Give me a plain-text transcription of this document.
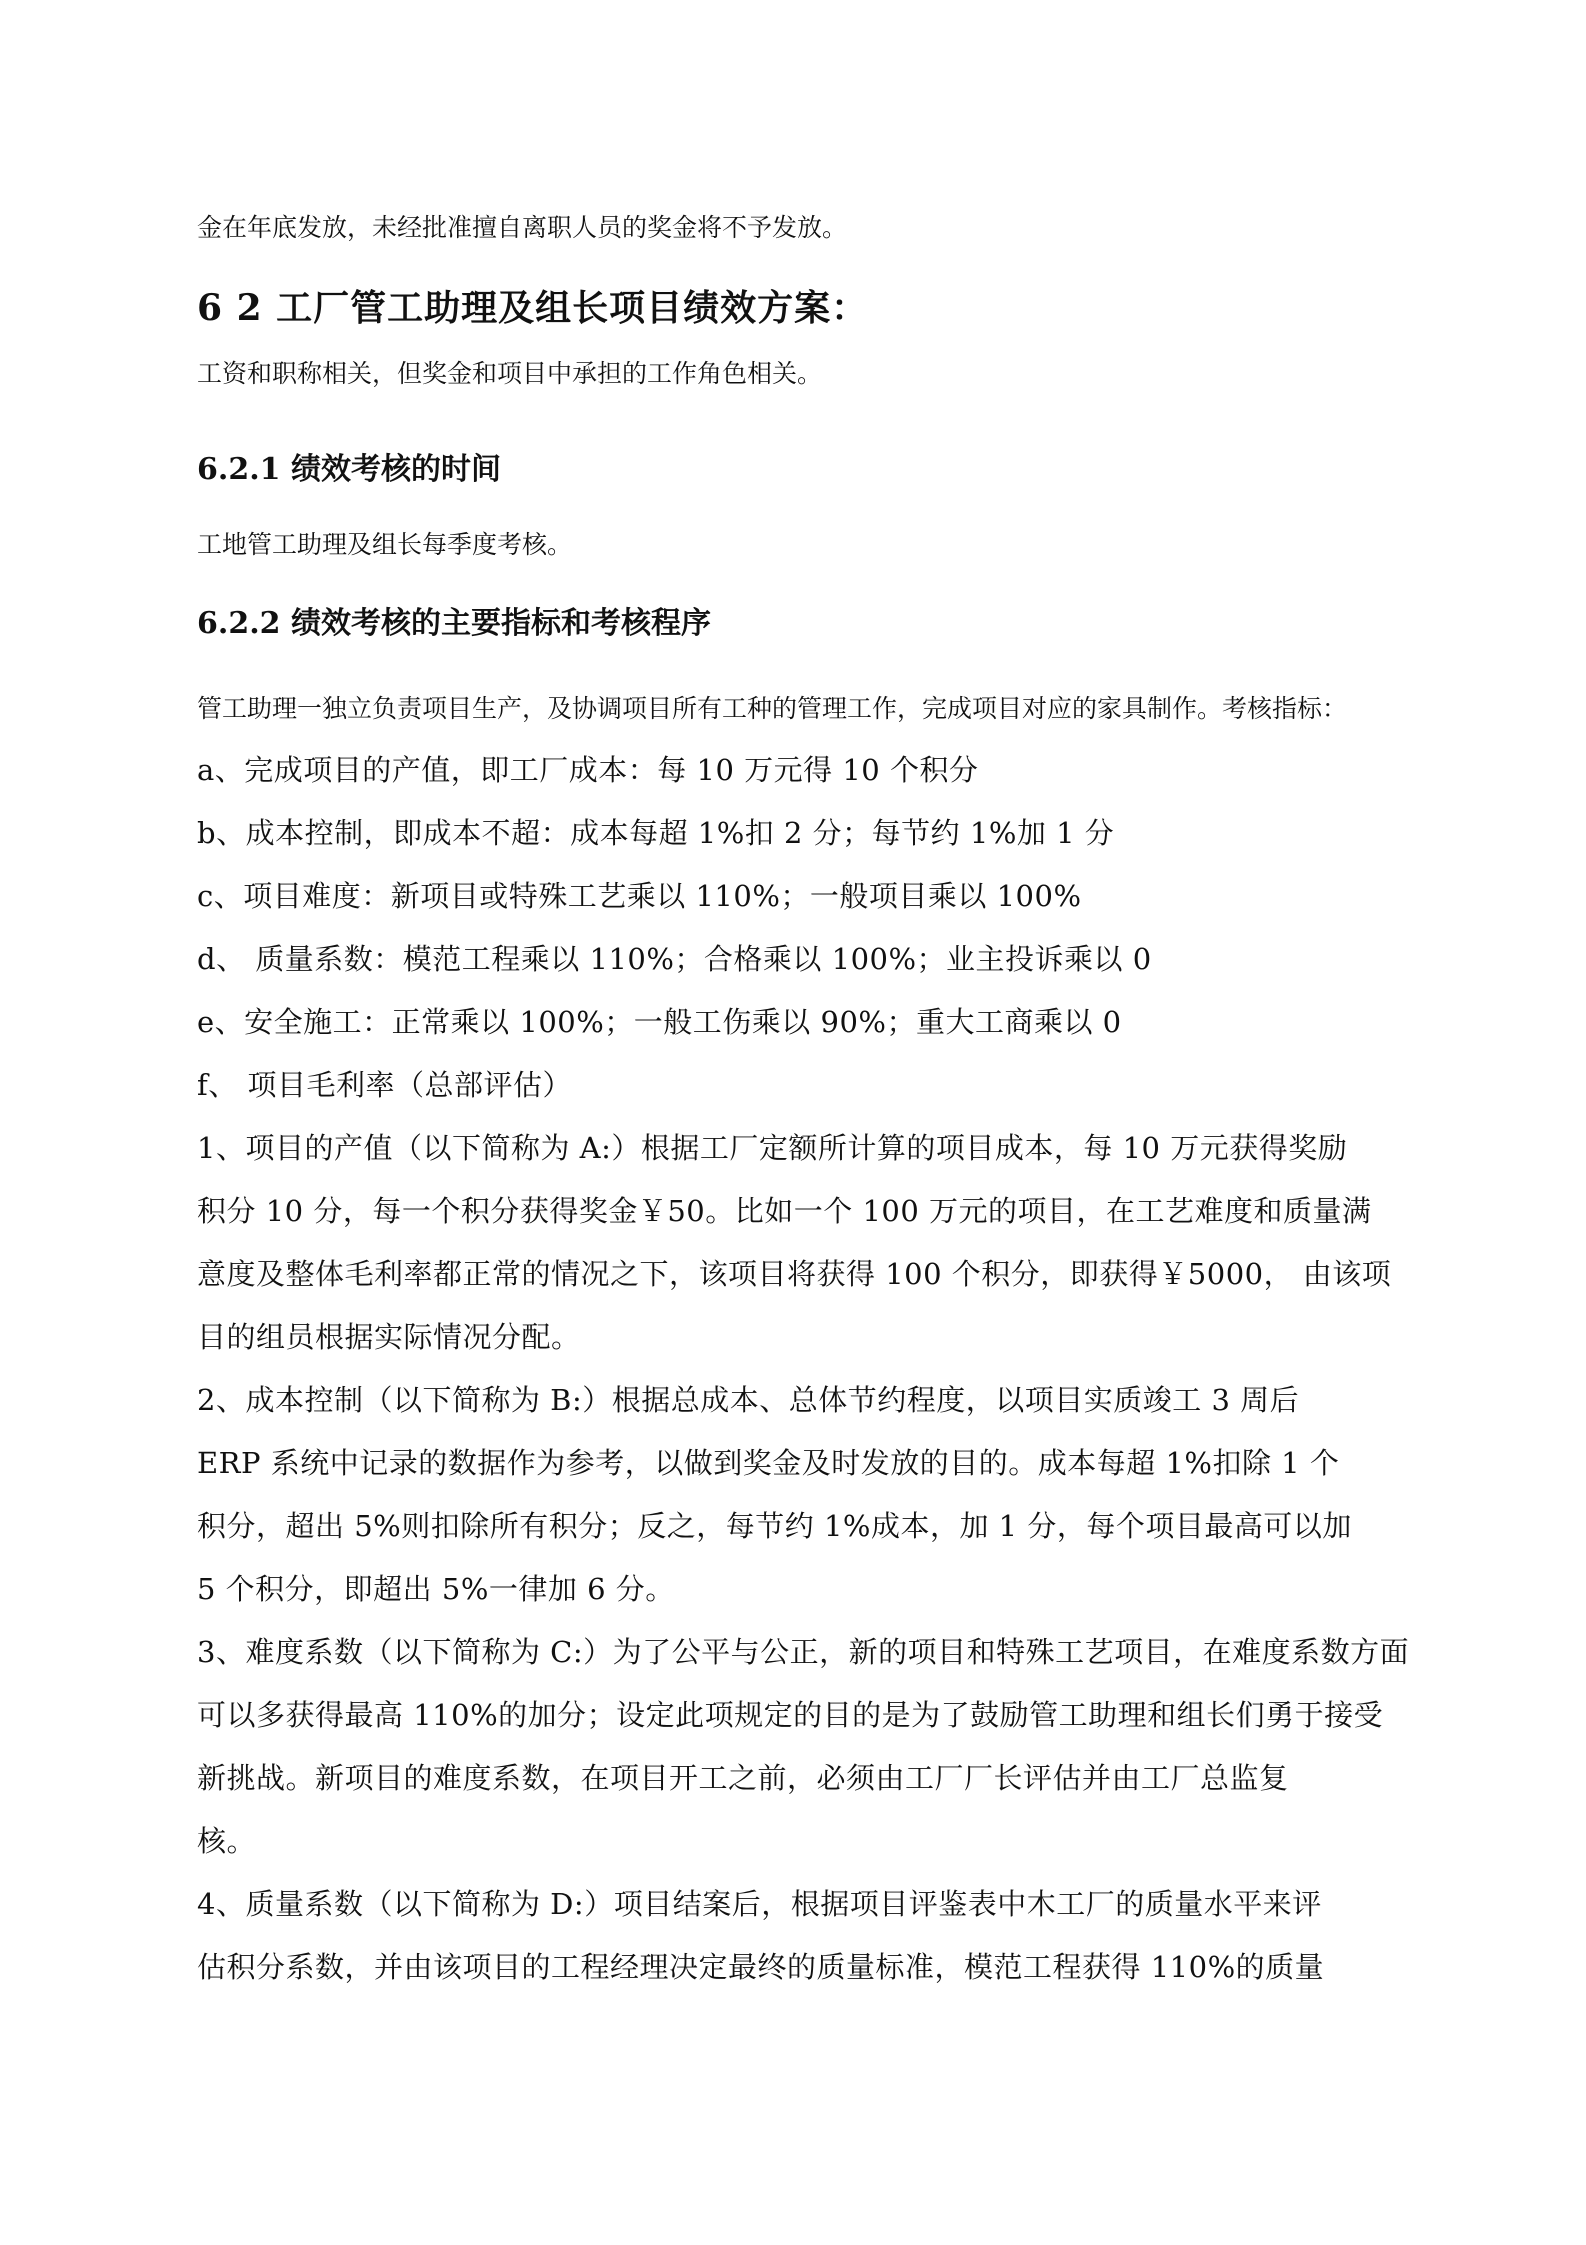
金在年底发放，未经批准擅自离职人员的奖金将不予发放。

6 2 工厂管工助理及组长项目绩效方案：

工资和职称相关，但奖金和项目中承担的工作角色相关。

6.2.1 绩效考核的时间

工地管工助理及组长每季度考核。

6.2.2 绩效考核的主要指标和考核程序

管工助理一独立负责项目生产，及协调项目所有工种的管理工作，完成项目对应的家具制作。考核指标：

a、完成项目的产值，即工厂成本：每 10 万元得 10 个积分

b、成本控制，即成本不超：成本每超 1%扣 2 分；每节约 1%加 1 分

c、项目难度：新项目或特殊工艺乘以 110%；一般项目乘以 100%

d、 质量系数：模范工程乘以 110%；合格乘以 100%；业主投诉乘以 0

e、安全施工：正常乘以 100%；一般工伤乘以 90%；重大工商乘以 0

f、 项目毛利率（总部评估）

1、项目的产值（以下简称为 A:）根据工厂定额所计算的项目成本，每 10 万元获得奖励

积分 10 分，每一个积分获得奖金￥50。比如一个 100 万元的项目，在工艺难度和质量满

意度及整体毛利率都正常的情况之下，该项目将获得 100 个积分，即获得￥5000， 由该项

目的组员根据实际情况分配。

2、成本控制（以下简称为 B:）根据总成本、总体节约程度，以项目实质竣工 3 周后

ERP 系统中记录的数据作为参考，以做到奖金及时发放的目的。成本每超 1%扣除 1 个

积分，超出 5%则扣除所有积分；反之，每节约 1%成本，加 1 分，每个项目最高可以加

5 个积分，即超出 5%一律加 6 分。

3、难度系数（以下简称为 C:）为了公平与公正，新的项目和特殊工艺项目，在难度系数方面

可以多获得最高 110%的加分；设定此项规定的目的是为了鼓励管工助理和组长们勇于接受

新挑战。新项目的难度系数，在项目开工之前，必须由工厂厂长评估并由工厂总监复

核。

4、质量系数（以下简称为 D:）项目结案后，根据项目评鉴表中木工厂的质量水平来评

估积分系数，并由该项目的工程经理决定最终的质量标准，模范工程获得 110%的质量
